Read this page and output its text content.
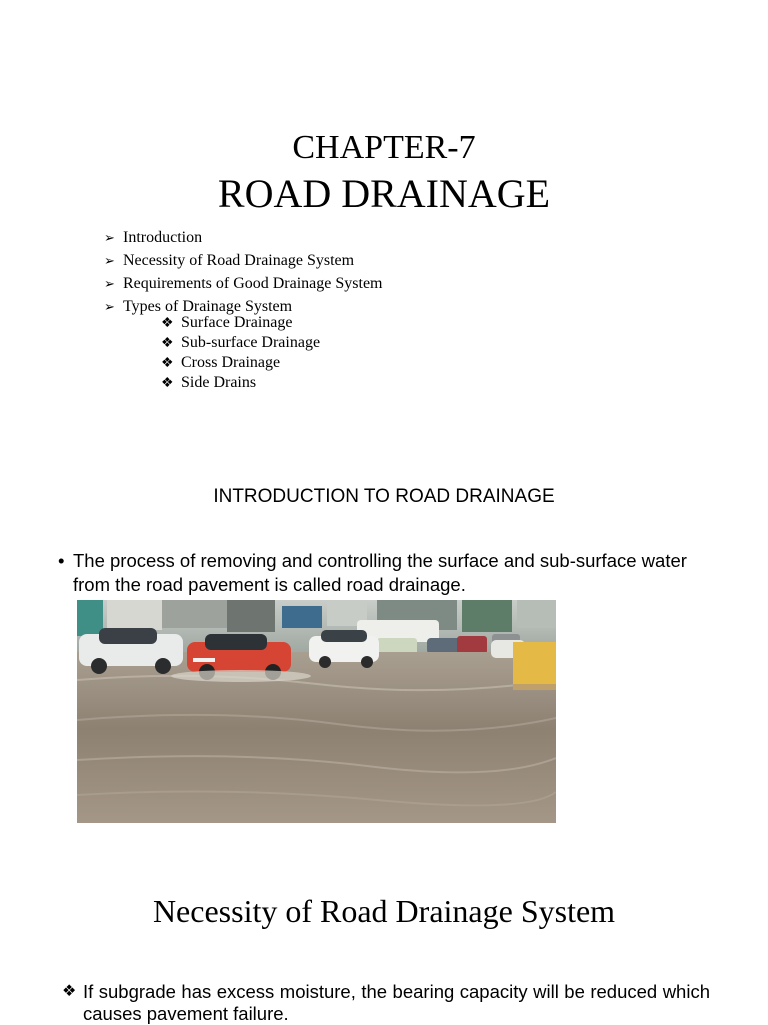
CHAPTER-7
ROAD DRAINAGE
➢ Introduction
➢ Necessity of Road Drainage System
➢ Requirements of Good Drainage System
➢ Types of Drainage System
❖ Surface Drainage
❖ Sub-surface Drainage
❖ Cross Drainage
❖ Side Drains
INTRODUCTION TO ROAD DRAINAGE
• The process of removing and controlling the surface and sub-surface water from the road pavement is called road drainage.
Necessity of Road Drainage System
❖ If subgrade has excess moisture, the bearing capacity will be reduced which causes pavement failure.
